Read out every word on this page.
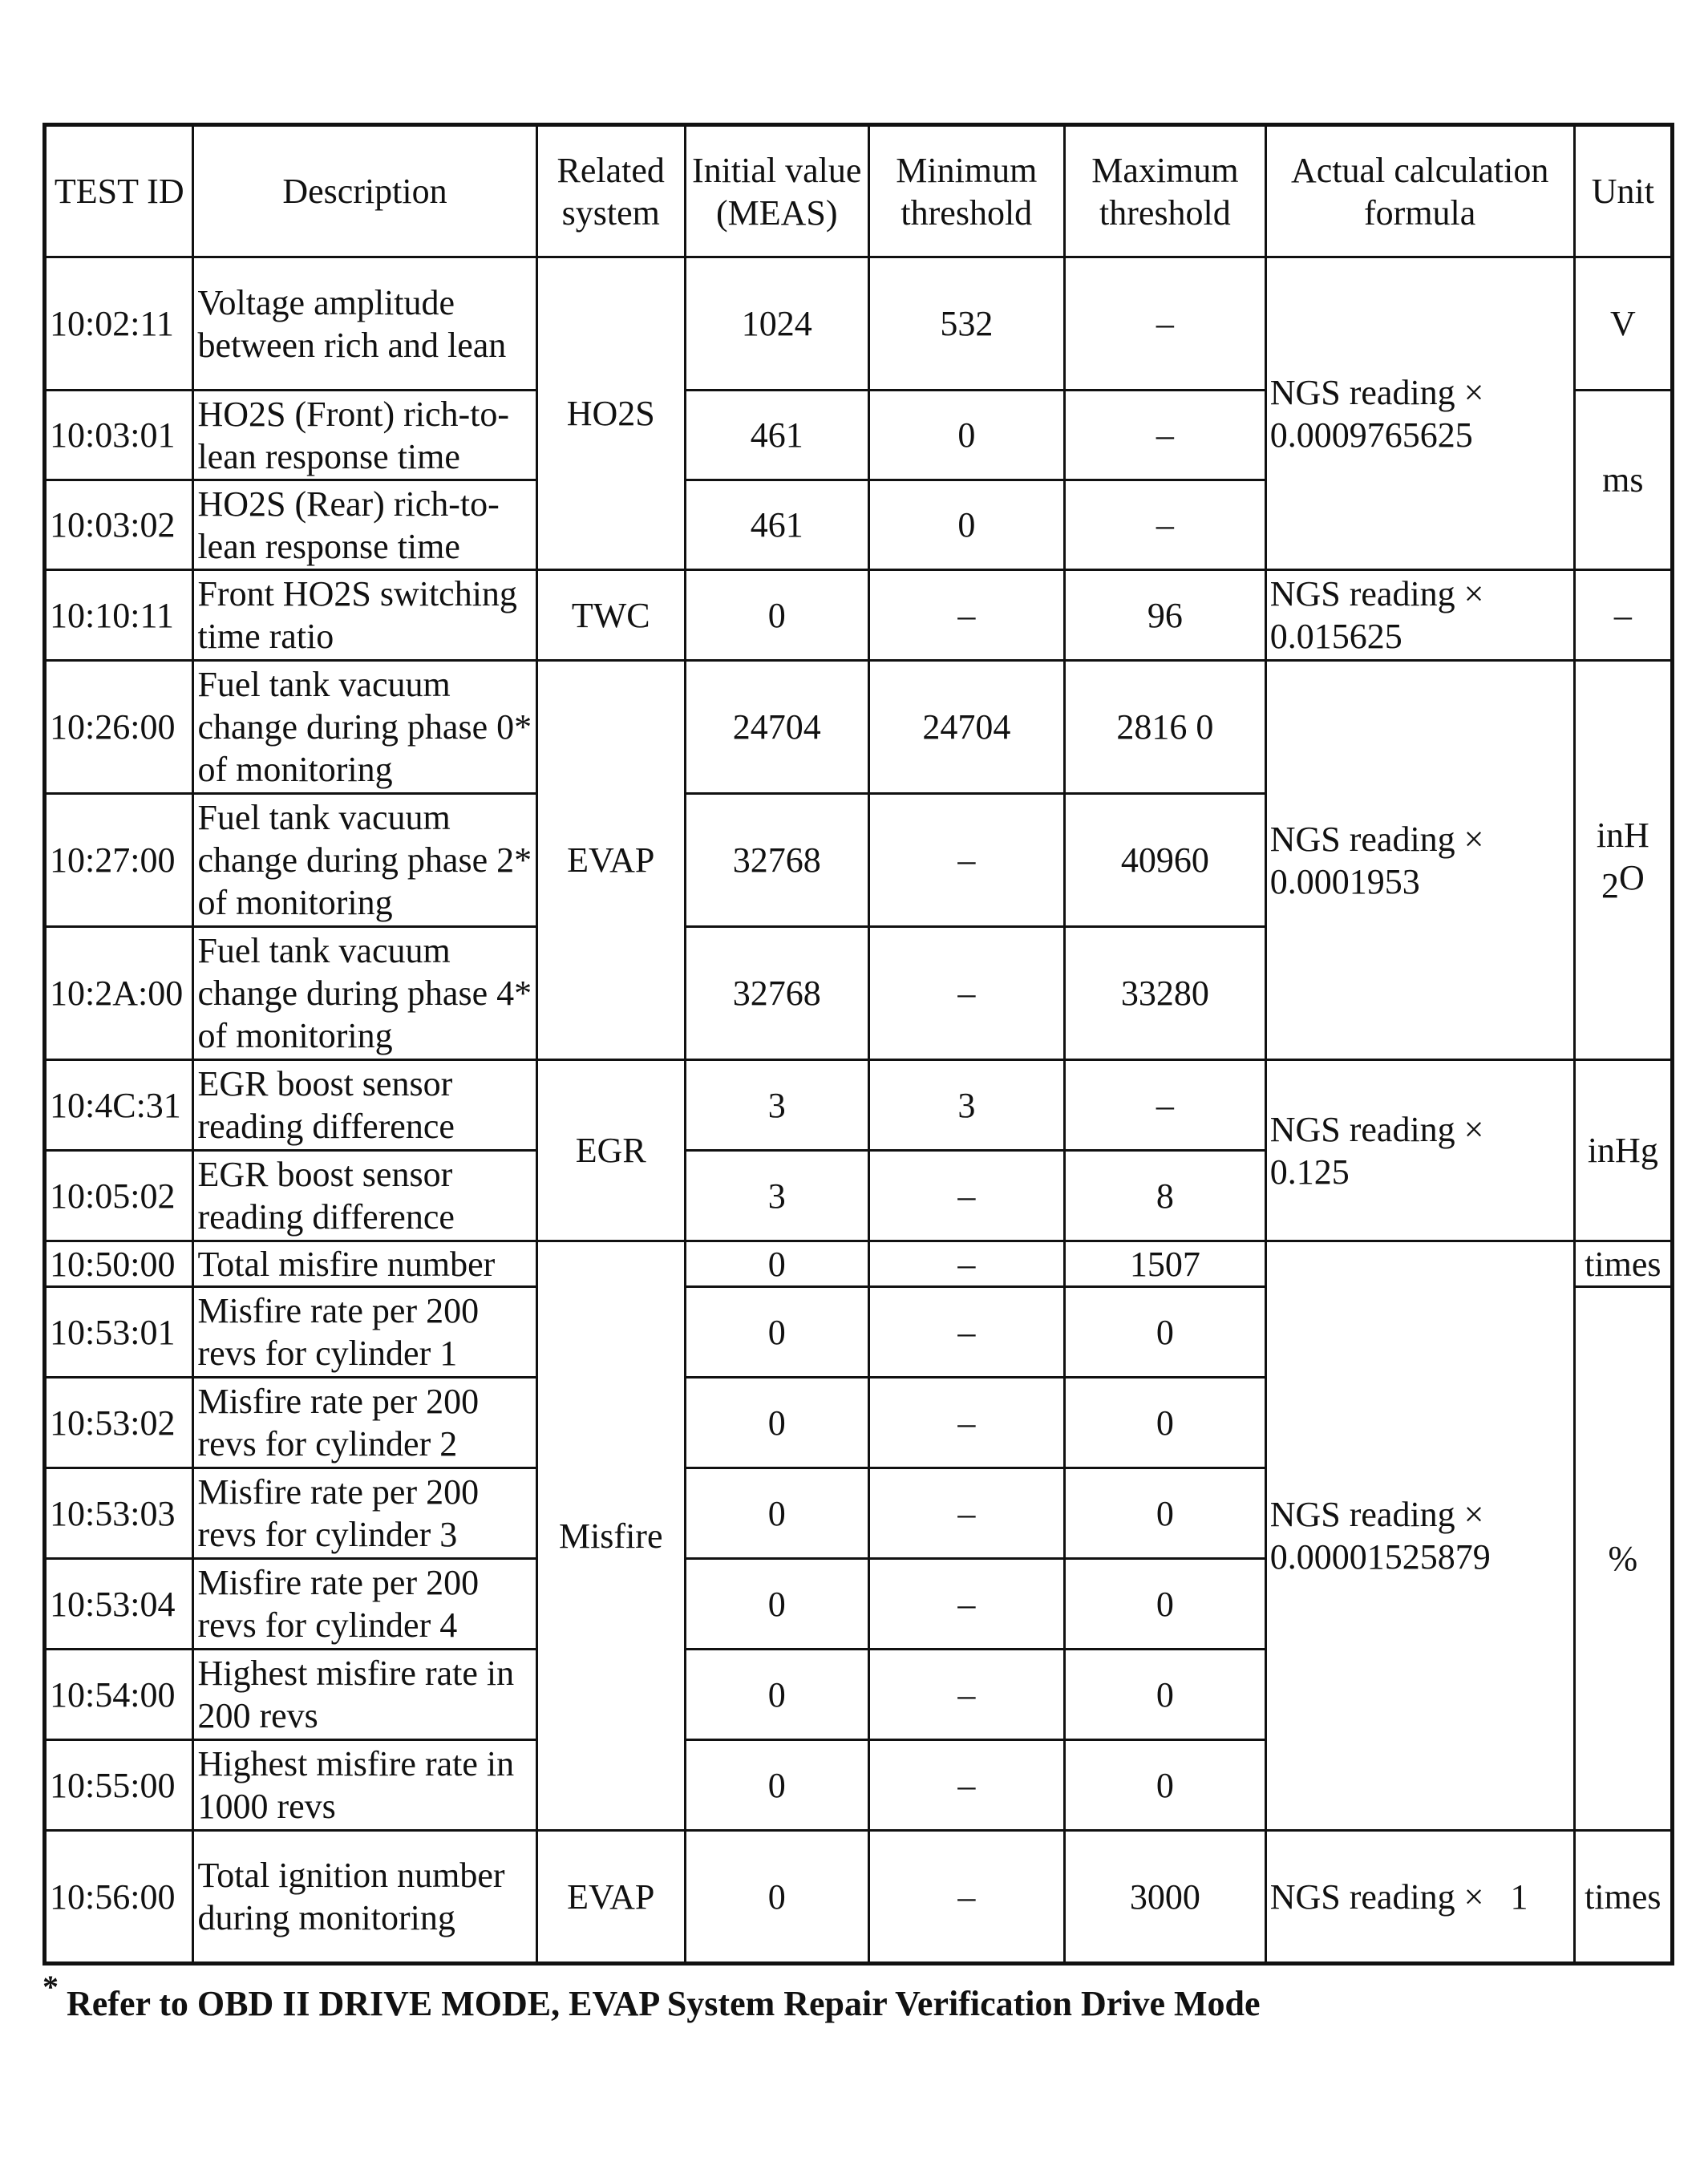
TEST ID	Description	Related system	Initial value (MEAS)	Minimum threshold	Maximum threshold	Actual calculation formula	Unit
10:02:11	Voltage amplitude between rich and lean	HO2S	1024	532	–	NGS reading × 0.0009765625	V
10:03:01	HO2S (Front) rich-to-lean response time		461	0	–		ms
10:03:02	HO2S (Rear) rich-to-lean response time		461	0	–		
10:10:11	Front HO2S switching time ratio	TWC	0	–	96	NGS reading × 0.015625	–
10:26:00	Fuel tank vacuum change during phase 0* of monitoring	EVAP	24704	24704	2816 0	NGS reading × 0.0001953	inH
$_2$O
10:27:00	Fuel tank vacuum change during phase 2* of monitoring		32768	–	40960		
10:2A:00	Fuel tank vacuum change during phase 4* of monitoring		32768	–	33280		
10:4C:31	EGR boost sensor reading difference	EGR	3	3	–	NGS reading × 0.125	inHg
10:05:02	EGR boost sensor reading difference		3	–	8		
10:50:00	Total misfire number	Misfire	0	–	1507	NGS reading × 0.00001525879	times
10:53:01	Misfire rate per 200 revs for cylinder 1		0	–	0		%
10:53:02	Misfire rate per 200 revs for cylinder 2		0	–	0		
10:53:03	Misfire rate per 200 revs for cylinder 3		0	–	0		
10:53:04	Misfire rate per 200 revs for cylinder 4		0	–	0		
10:54:00	Highest misfire rate in 200 revs		0	–	0		
10:55:00	Highest misfire rate in 1000 revs		0	–	0		
10:56:00	Total ignition number during monitoring	EVAP	0	–	3000	NGS reading ×   1	times
* Refer to OBD II DRIVE MODE, EVAP System Repair Verification Drive Mode
